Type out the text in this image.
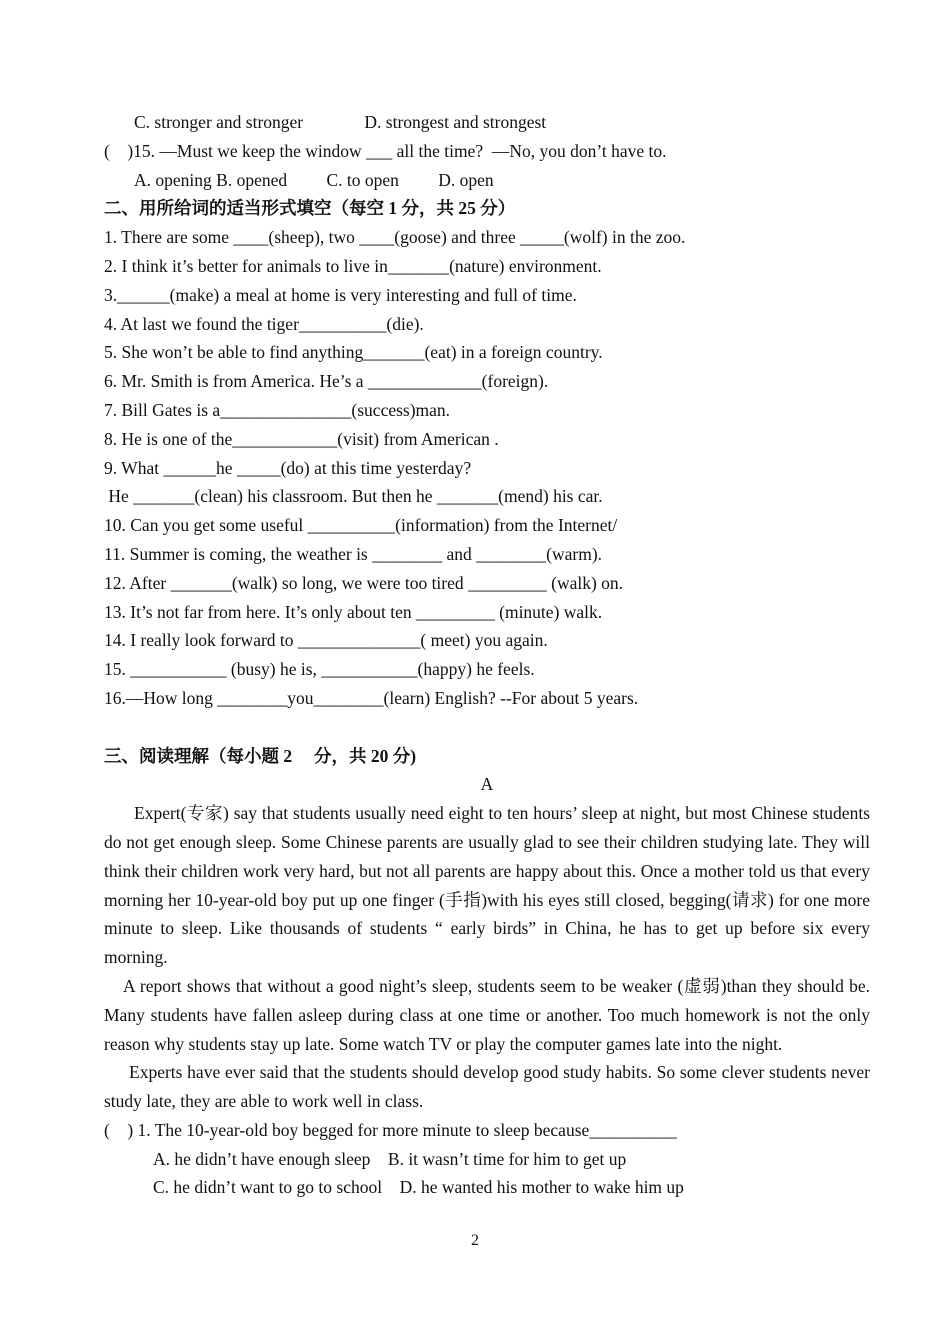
C. stronger and stronger              D. strongest and strongest
(    )15. —Must we keep the window ___ all the time?  —No, you don’t have to.
A. opening B. opened         C. to open         D. open
二、用所给词的适当形式填空（每空 1 分，共 25 分）
1. There are some ____(sheep), two ____(goose) and three _____(wolf) in the zoo.
2. I think it’s better for animals to live in_______(nature) environment.
3.______(make) a meal at home is very interesting and full of time.
4. At last we found the tiger__________(die).
5. She won’t be able to find anything_______(eat) in a foreign country.
6. Mr. Smith is from America. He’s a _____________(foreign).
7. Bill Gates is a_______________(success)man.
8. He is one of the____________(visit) from American .
9. What ______he _____(do) at this time yesterday?
He _______(clean) his classroom. But then he _______(mend) his car.
10. Can you get some useful __________(information) from the Internet/
11. Summer is coming, the weather is ________ and ________(warm).
12. After _______(walk) so long, we were too tired _________ (walk) on.
13. It’s not far from here. It’s only about ten _________ (minute) walk.
14. I really look forward to ______________( meet) you again.
15. ___________ (busy) he is, ___________(happy) he feels.
16.—How long ________you________(learn) English? --For about 5 years.
三、阅读理解（每小题 2     分，共 20 分)
A

Expert(专家) say that students usually need eight to ten hours’ sleep at night, but most Chinese students do not get enough sleep. Some Chinese parents are usually glad to see their children studying late. They will think their children work very hard, but not all parents are happy about this. Once a mother told us that every morning her 10-year-old boy put up one finger (手指)with his eyes still closed, begging(请求) for one more minute to sleep. Like thousands of students “ early birds” in China, he has to get up before six every morning.

A report shows that without a good night’s sleep, students seem to be weaker (虚弱)than they should be. Many students have fallen asleep during class at one time or another. Too much homework is not the only reason why students stay up late. Some watch TV or play the computer games late into the night.

Experts have ever said that the students should develop good study habits. So some clever students never study late, they are able to work well in class.

(    ) 1. The 10-year-old boy begged for more minute to sleep because__________
A. he didn’t have enough sleep    B. it wasn’t time for him to get up
C. he didn’t want to go to school    D. he wanted his mother to wake him up
2
